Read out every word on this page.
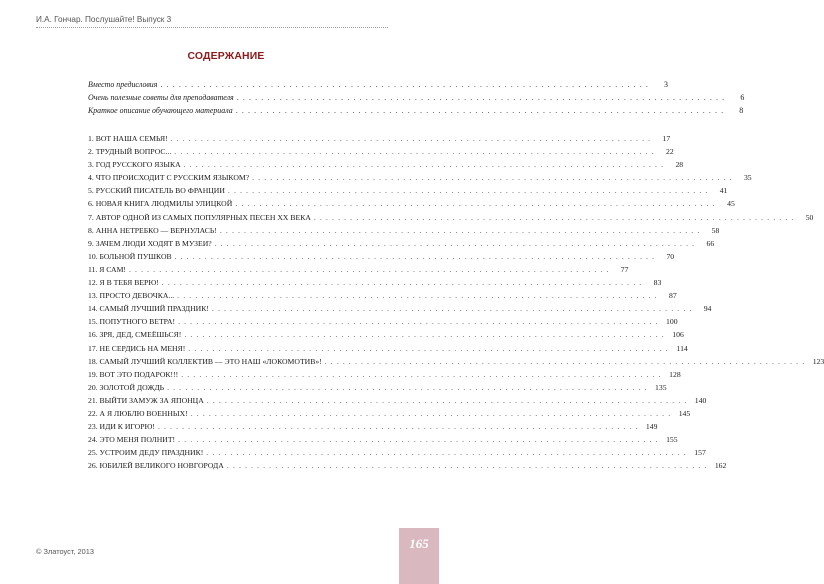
И.А. Гончар. Послушайте! Выпуск 3
СОДЕРЖАНИЕ
Вместо предисловия . . . . . . . . . . . . . . . . . . . . . . . . . . . . . . . . . . . . . . . . . . . . . . . . . . . . . . . . . . . . . . . . . . . . . . . . . . . . . . . .	3
Очень полезные советы для преподавателя . . . . . . . . . . . . . . . . . . . . . . . . . . . . . . . . . . . . . . . . . . . . . . . . . . . . . . . . . . . . . . . . . . . . . . . . . . . . . . . .	6
Краткое описание обучающего материала . . . . . . . . . . . . . . . . . . . . . . . . . . . . . . . . . . . . . . . . . . . . . . . . . . . . . . . . . . . . . . . . . . . . . . . . . . . . . . . .	8
1. ВОТ НАША СЕМЬЯ! . . . . . . . . . . . . . . . . . . . . . . . . . . . . . . . . . . . . . . . . . . . . . . . . . . . . . . . . . . . . . . . . . . . . . . . . . . . . . . . .	17
2. ТРУДНЫЙ ВОПРОС... . . . . . . . . . . . . . . . . . . . . . . . . . . . . . . . . . . . . . . . . . . . . . . . . . . . . . . . . . . . . . . . . . . . . . . . . . . . . . . . .	22
3. ГОД РУССКОГО ЯЗЫКА . . . . . . . . . . . . . . . . . . . . . . . . . . . . . . . . . . . . . . . . . . . . . . . . . . . . . . . . . . . . . . . . . . . . . . . . . . . . . . . .	28
4. ЧТО ПРОИСХОДИТ С РУССКИМ ЯЗЫКОМ? . . . . . . . . . . . . . . . . . . . . . . . . . . . . . . . . . . . . . . . . . . . . . . . . . . . . . . . . . . . . . . . . . . . . . . . . . . . . . . . .	35
5. РУССКИЙ ПИСАТЕЛЬ ВО ФРАНЦИИ . . . . . . . . . . . . . . . . . . . . . . . . . . . . . . . . . . . . . . . . . . . . . . . . . . . . . . . . . . . . . . . . . . . . . . . . . . . . . . . .	41
6. НОВАЯ КНИГА ЛЮДМИЛЫ УЛИЦКОЙ . . . . . . . . . . . . . . . . . . . . . . . . . . . . . . . . . . . . . . . . . . . . . . . . . . . . . . . . . . . . . . . . . . . . . . . . . . . . . . . .	45
7. АВТОР ОДНОЙ ИЗ САМЫХ ПОПУЛЯРНЫХ ПЕСЕН XX ВЕКА . . . . . . . . . . . . . . . . . . . . . . . . . . . . . . . . . . . . . . . . . . . . . . . . . . . . . . . . . . . . . . . . . . . . . . . . . . . . . . . .	50
8. АННА НЕТРЕБКО — ВЕРНУЛАСЬ! . . . . . . . . . . . . . . . . . . . . . . . . . . . . . . . . . . . . . . . . . . . . . . . . . . . . . . . . . . . . . . . . . . . . . . . . . . . . . . . .	58
9. ЗАЧЕМ ЛЮДИ ХОДЯТ В МУЗЕИ? . . . . . . . . . . . . . . . . . . . . . . . . . . . . . . . . . . . . . . . . . . . . . . . . . . . . . . . . . . . . . . . . . . . . . . . . . . . . . . . .	66
10. БОЛЬНОЙ ПУШКОВ . . . . . . . . . . . . . . . . . . . . . . . . . . . . . . . . . . . . . . . . . . . . . . . . . . . . . . . . . . . . . . . . . . . . . . . . . . . . . . . .	70
11. Я САМ! . . . . . . . . . . . . . . . . . . . . . . . . . . . . . . . . . . . . . . . . . . . . . . . . . . . . . . . . . . . . . . . . . . . . . . . . . . . . . . . .	77
12. Я В ТЕБЯ ВЕРЮ! . . . . . . . . . . . . . . . . . . . . . . . . . . . . . . . . . . . . . . . . . . . . . . . . . . . . . . . . . . . . . . . . . . . . . . . . . . . . . . . .	83
13. ПРОСТО ДЕВОЧКА... . . . . . . . . . . . . . . . . . . . . . . . . . . . . . . . . . . . . . . . . . . . . . . . . . . . . . . . . . . . . . . . . . . . . . . . . . . . . . . . .	87
14. САМЫЙ ЛУЧШИЙ ПРАЗДНИК! . . . . . . . . . . . . . . . . . . . . . . . . . . . . . . . . . . . . . . . . . . . . . . . . . . . . . . . . . . . . . . . . . . . . . . . . . . . . . . . .	94
15. ПОПУТНОГО ВЕТРА! . . . . . . . . . . . . . . . . . . . . . . . . . . . . . . . . . . . . . . . . . . . . . . . . . . . . . . . . . . . . . . . . . . . . . . . . . . . . . . . . 100
16. ЗРЯ, ДЕД, СМЕЁШЬСЯ! . . . . . . . . . . . . . . . . . . . . . . . . . . . . . . . . . . . . . . . . . . . . . . . . . . . . . . . . . . . . . . . . . . . . . . . . . . . . . . . . 106
17. НЕ СЕРДИСЬ НА МЕНЯ! . . . . . . . . . . . . . . . . . . . . . . . . . . . . . . . . . . . . . . . . . . . . . . . . . . . . . . . . . . . . . . . . . . . . . . . . . . . . . . . .	114
18. САМЫЙ ЛУЧШИЙ КОЛЛЕКТИВ — ЭТО НАШ «ЛОКОМОТИВ»! . . . . . . . . . . . . . . . . . . . . . . . . . . . . . . . . . . . . . . . . . . . . . . . . . . . . . . . . . . . . . . . . . . . . . . . . . . . . . . . . 123
19. ВОТ ЭТО ПОДАРОК!!! . . . . . . . . . . . . . . . . . . . . . . . . . . . . . . . . . . . . . . . . . . . . . . . . . . . . . . . . . . . . . . . . . . . . . . . . . . . . . . . . 128
20. ЗОЛОТОЙ ДОЖДЬ . . . . . . . . . . . . . . . . . . . . . . . . . . . . . . . . . . . . . . . . . . . . . . . . . . . . . . . . . . . . . . . . . . . . . . . . . . . . . . . . 135
21. ВЫЙТИ ЗАМУЖ ЗА ЯПОНЦА . . . . . . . . . . . . . . . . . . . . . . . . . . . . . . . . . . . . . . . . . . . . . . . . . . . . . . . . . . . . . . . . . . . . . . . . . . . . . . . . 140
22. А Я ЛЮБЛЮ ВОЕННЫХ! . . . . . . . . . . . . . . . . . . . . . . . . . . . . . . . . . . . . . . . . . . . . . . . . . . . . . . . . . . . . . . . . . . . . . . . . . . . . . . . . 145
23. ИДИ К ИГОРЮ! . . . . . . . . . . . . . . . . . . . . . . . . . . . . . . . . . . . . . . . . . . . . . . . . . . . . . . . . . . . . . . . . . . . . . . . . . . . . . . . . 149
24. ЭТО МЕНЯ ПОЛНИТ! . . . . . . . . . . . . . . . . . . . . . . . . . . . . . . . . . . . . . . . . . . . . . . . . . . . . . . . . . . . . . . . . . . . . . . . . . . . . . . . . 155
25. УСТРОИМ ДЕДУ ПРАЗДНИК! . . . . . . . . . . . . . . . . . . . . . . . . . . . . . . . . . . . . . . . . . . . . . . . . . . . . . . . . . . . . . . . . . . . . . . . . . . . . . . . . 157
26. ЮБИЛЕЙ ВЕЛИКОГО НОВГОРОДА . . . . . . . . . . . . . . . . . . . . . . . . . . . . . . . . . . . . . . . . . . . . . . . . . . . . . . . . . . . . . . . . . . . . . . . . . . . . . . . . 162
© Златоуст, 2013
165
